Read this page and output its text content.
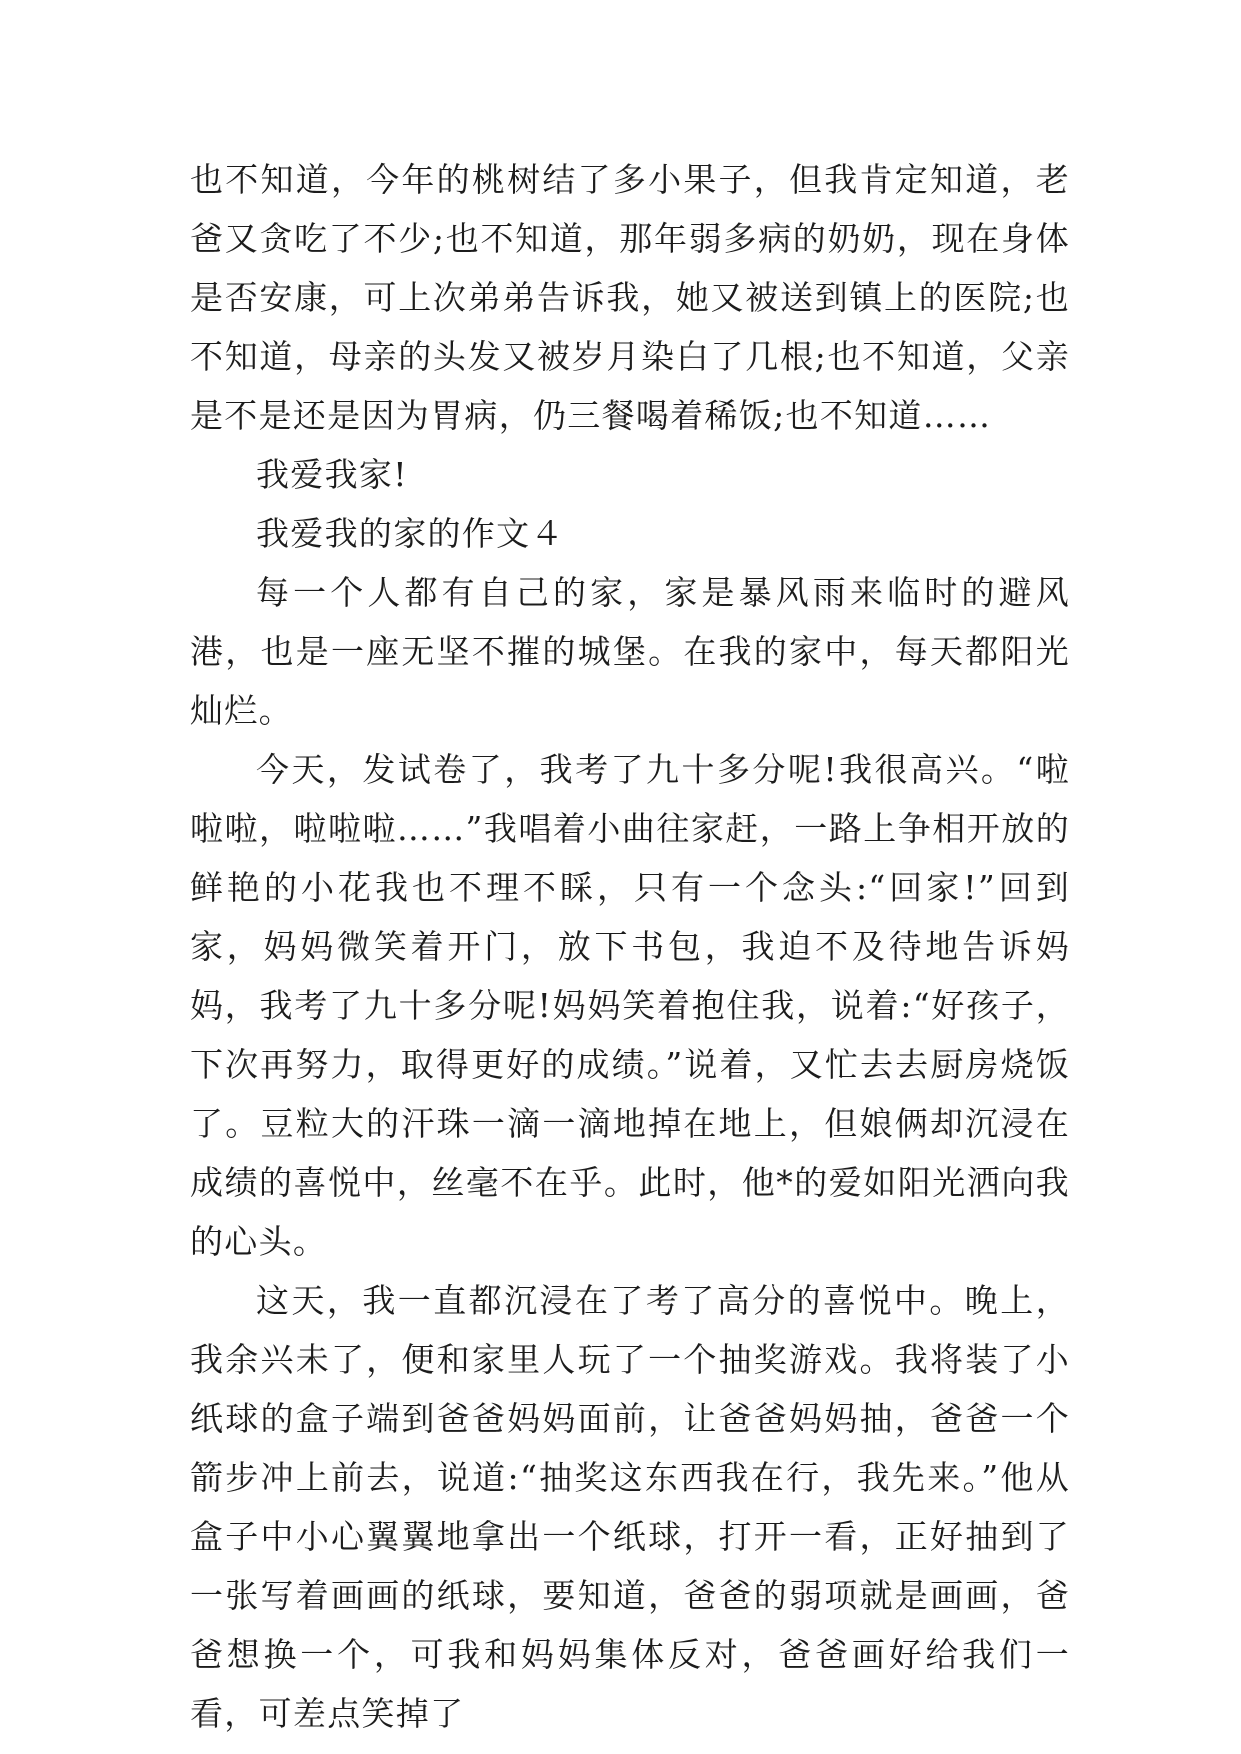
也不知道，今年的桃树结了多小果子，但我肯定知道，老爸又贪吃了不少;也不知道，那年弱多病的奶奶，现在身体是否安康，可上次弟弟告诉我，她又被送到镇上的医院;也不知道，母亲的头发又被岁月染白了几根;也不知道，父亲是不是还是因为胃病，仍三餐喝着稀饭;也不知道……

我爱我家!

我爱我的家的作文４

每一个人都有自己的家，家是暴风雨来临时的避风港，也是一座无坚不摧的城堡。在我的家中，每天都阳光灿烂。

今天，发试卷了，我考了九十多分呢!我很高兴。“啦啦啦，啦啦啦……”我唱着小曲往家赶，一路上争相开放的鲜艳的小花我也不理不睬，只有一个念头:“回家!”回到家，妈妈微笑着开门，放下书包，我迫不及待地告诉妈妈，我考了九十多分呢!妈妈笑着抱住我，说着:“好孩子，下次再努力，取得更好的成绩。”说着，又忙去去厨房烧饭了。豆粒大的汗珠一滴一滴地掉在地上，但娘俩却沉浸在成绩的喜悦中，丝毫不在乎。此时，他*的爱如阳光洒向我的心头。

这天，我一直都沉浸在了考了高分的喜悦中。晚上，我余兴未了，便和家里人玩了一个抽奖游戏。我将装了小纸球的盒子端到爸爸妈妈面前，让爸爸妈妈抽，爸爸一个箭步冲上前去，说道:“抽奖这东西我在行，我先来。”他从盒子中小心翼翼地拿出一个纸球，打开一看，正好抽到了一张写着画画的纸球，要知道，爸爸的弱项就是画画，爸爸想换一个，可我和妈妈集体反对，爸爸画好给我们一看，可差点笑掉了
